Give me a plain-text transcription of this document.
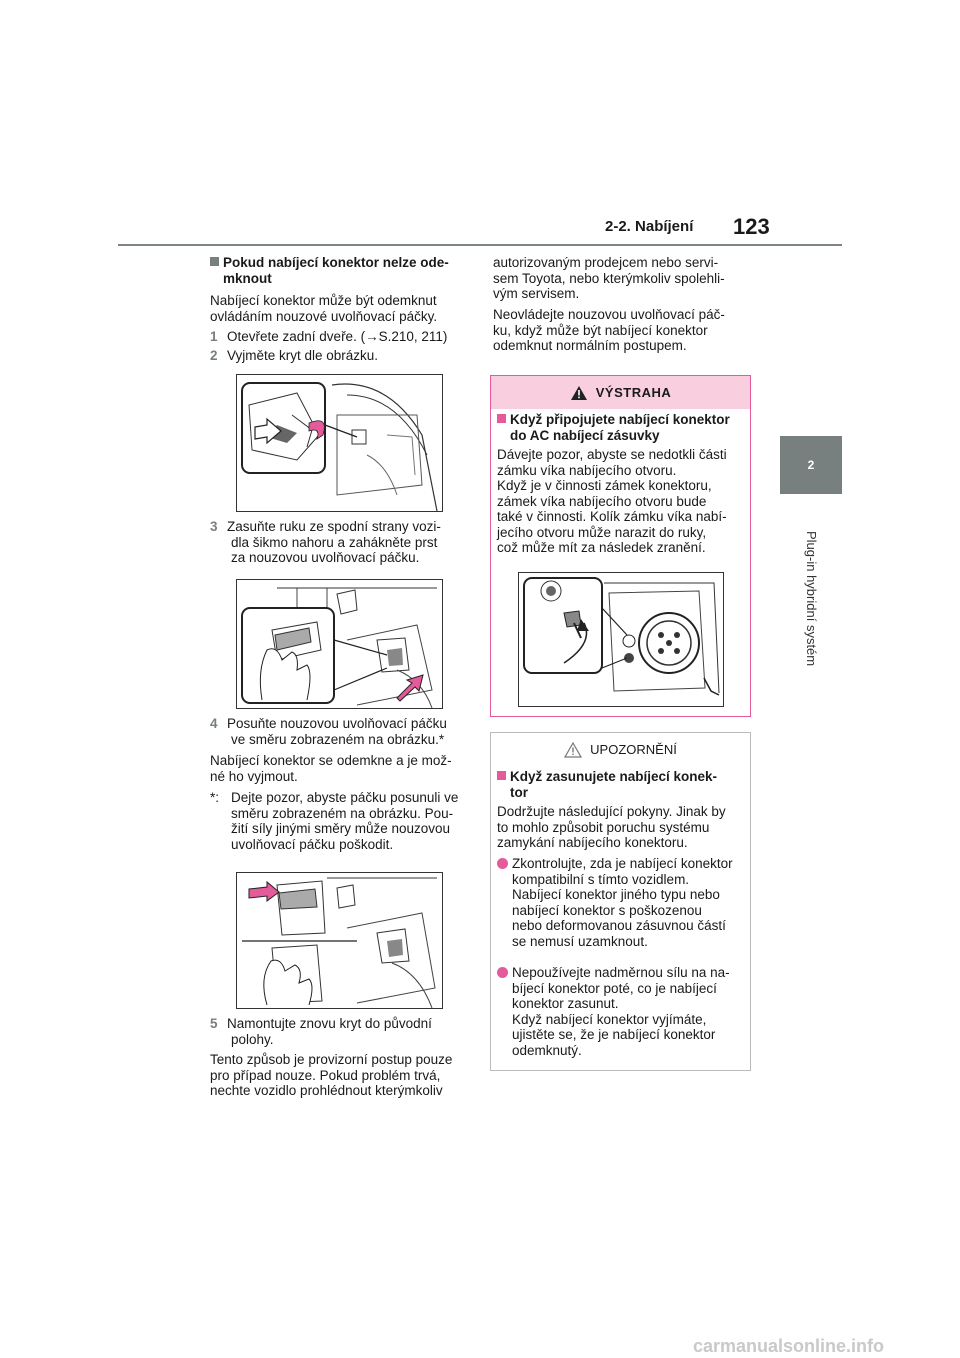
2-2. Nabíjení 123
2
Plug-in hybridní systém

Pokud nabíjecí konektor nelze ode-

mknout

Nabíjecí konektor může být odemknut

ovládáním nouzové uvolňovací páčky.

1 Otevřete zadní dveře. (→S.210, 211)
2 Vyjměte kryt dle obrázku.

3 Zasuňte ruku ze spodní strany vozi-

dla šikmo nahoru a zahákněte prst

za nouzovou uvolňovací páčku.

4 Posuňte nouzovou uvolňovací páčku

ve směru zobrazeném na obrázku.*

Nabíjecí konektor se odemkne a je mož-

né ho vyjmout.

*: Dejte pozor, abyste páčku posunuli ve

směru zobrazeném na obrázku. Pou-

žití síly jinými směry může nouzovou

uvolňovací páčku poškodit.

5 Namontujte znovu kryt do původní

polohy.

Tento způsob je provizorní postup pouze

pro případ nouze. Pokud problém trvá,

nechte vozidlo prohlédnout kterýmkoliv

autorizovaným prodejcem nebo servi-

sem Toyota, nebo kterýmkoliv spolehli-

vým servisem.

Neovládejte nouzovou uvolňovací páč-

ku, když může být nabíjecí konektor

odemknut normálním postupem.

VÝSTRAHA

Když připojujete nabíjecí konektor

do AC nabíjecí zásuvky

Dávejte pozor, abyste se nedotkli části

zámku víka nabíjecího otvoru.

Když je v činnosti zámek konektoru,

zámek víka nabíjecího otvoru bude

také v činnosti. Kolík zámku víka nabí-

jecího otvoru může narazit do ruky,

což může mít za následek zranění.

UPOZORNĚNÍ

Když zasunujete nabíjecí konek-

tor

Dodržujte následující pokyny. Jinak by

to mohlo způsobit poruchu systému

zamykání nabíjecího konektoru.

Zkontrolujte, zda je nabíjecí konektor

kompatibilní s tímto vozidlem.

Nabíjecí konektor jiného typu nebo

nabíjecí konektor s poškozenou

nebo deformovanou zásuvnou částí

se nemusí uzamknout.

Nepoužívejte nadměrnou sílu na na-

bíjecí konektor poté, co je nabíjecí

konektor zasunut.

Když nabíjecí konektor vyjímáte,

ujistěte se, že je nabíjecí konektor

odemknutý.

carmanualsonline.info
